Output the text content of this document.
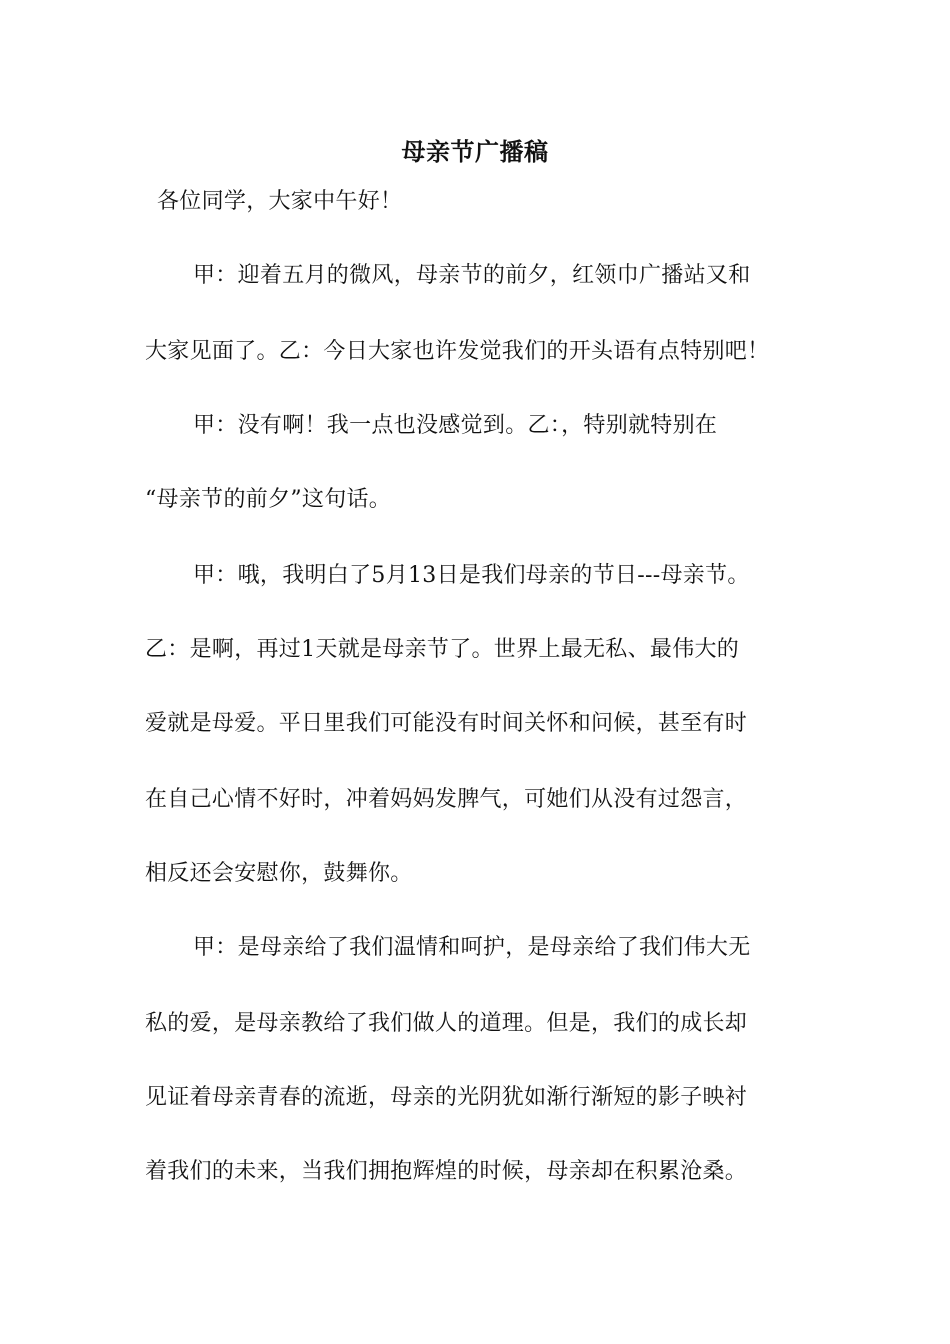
母亲节广播稿
各位同学，大家中午好！
甲：迎着五月的微风，母亲节的前夕，红领巾广播站又和
大家见面了。乙：今日大家也许发觉我们的开头语有点特别吧！
甲：没有啊！我一点也没感觉到。乙：，特别就特别在
“母亲节的前夕”这句话。
甲：哦，我明白了5月13日是我们母亲的节日---母亲节。
乙：是啊，再过1天就是母亲节了。世界上最无私、最伟大的
爱就是母爱。平日里我们可能没有时间关怀和问候，甚至有时
在自己心情不好时，冲着妈妈发脾气，可她们从没有过怨言，
相反还会安慰你，鼓舞你。
甲：是母亲给了我们温情和呵护，是母亲给了我们伟大无
私的爱，是母亲教给了我们做人的道理。但是，我们的成长却
见证着母亲青春的流逝，母亲的光阴犹如渐行渐短的影子映衬
着我们的未来，当我们拥抱辉煌的时候，母亲却在积累沧桑。
